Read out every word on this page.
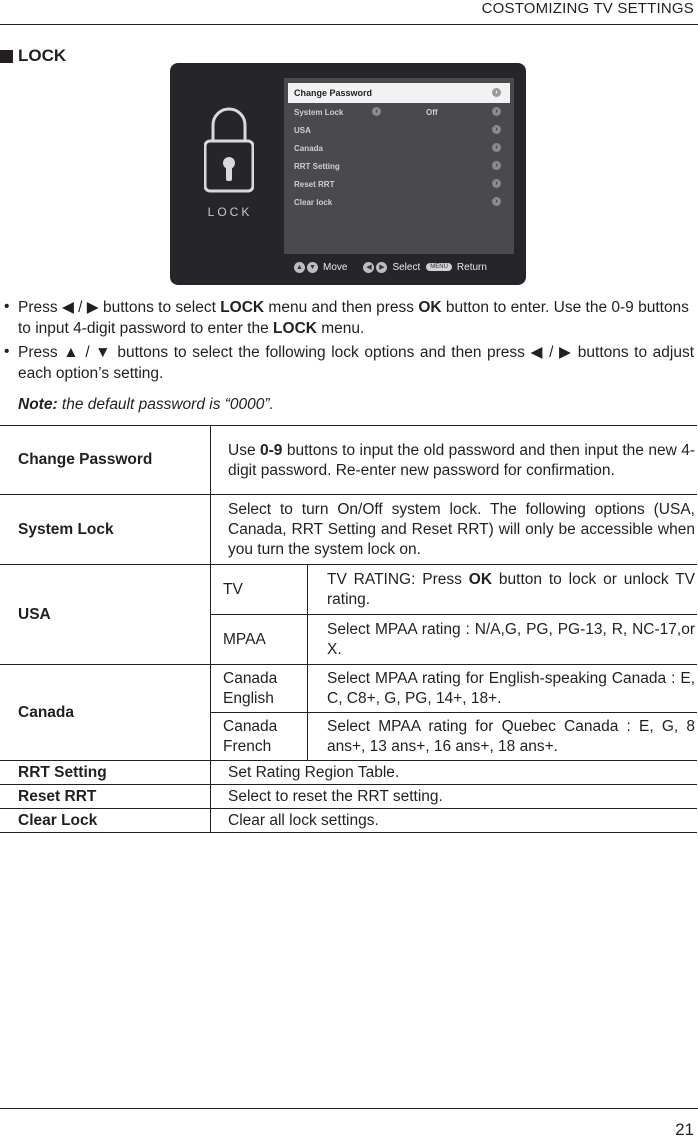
COSTOMIZING TV SETTINGS
LOCK
LOCK
Change Password	›
System Lock	‹	Off	›
USA	›
Canada	›
RRT Setting	›
Reset RRT	›
Clear lock	›
▲ ▼ Move	◀	▶ Select	MENU Return
• Press ◀ / ▶ buttons to select LOCK menu and then press OK button to enter. Use the 0-9 buttons to input 4-digit password to enter the LOCK menu.
• Press ▲ / ▼ buttons to select the following lock options and then press ◀ / ▶ buttons to adjust each option’s setting.
Note: the default password is “0000”.
Change Password	Use 0-9 buttons to input the old password and then input the new 4-digit password. Re-enter new password for confirmation.	
System Lock	Select to turn On/Off system lock. The following options (USA, Canada, RRT Setting and Reset RRT) will only be accessible when you turn the system lock on.	
USA	TV	TV RATING: Press OK button to lock or unlock TV rating.
	MPAA	Select MPAA rating : N/A,G, PG, PG-13, R, NC-17,or X.
Canada	Canada English	Select MPAA rating for English-speaking Canada : E, C, C8+, G, PG, 14+, 18+.
	Canada French	Select MPAA rating for Quebec Canada : E, G, 8 ans+, 13 ans+, 16 ans+, 18 ans+.
RRT Setting	Set Rating Region Table.	
Reset RRT	Select to reset the RRT setting.	
Clear Lock	Clear all lock settings.	
21
